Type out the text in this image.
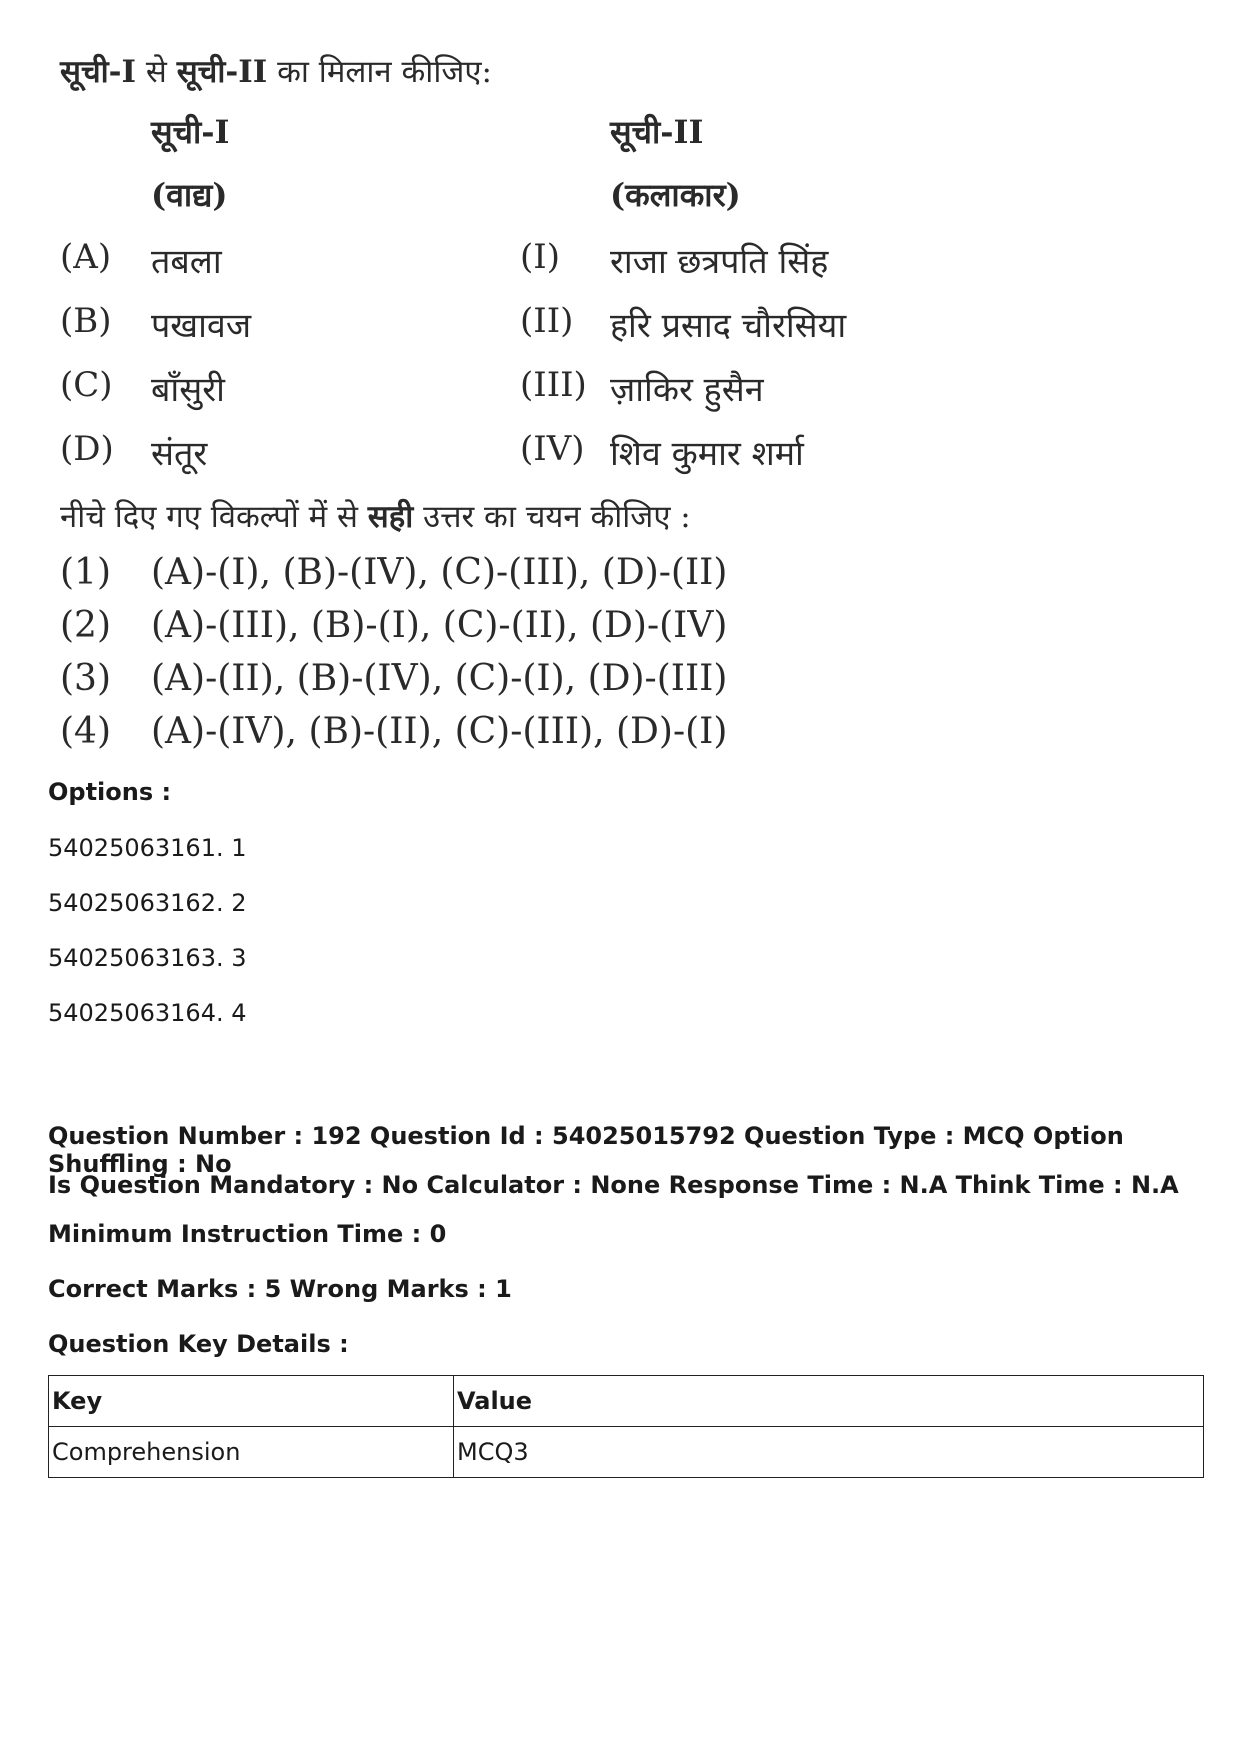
सूची-I से सूची-II का मिलान कीजिए:
सूची-I
(वाद्य)
सूची-II
(कलाकार)
(A) तबला	(I) राजा छत्रपति सिंह
(B) पखावज	(II) हरि प्रसाद चौरसिया
(C) बाँसुरी	(III) ज़ाकिर हुसैन
(D) संतूर	(IV) शिव कुमार शर्मा
नीचे दिए गए विकल्पों में से सही उत्तर का चयन कीजिए :
(1) (A)-(I), (B)-(IV), (C)-(III), (D)-(II)
(2) (A)-(III), (B)-(I), (C)-(II), (D)-(IV)
(3) (A)-(II), (B)-(IV), (C)-(I), (D)-(III)
(4) (A)-(IV), (B)-(II), (C)-(III), (D)-(I)
Options :
54025063161. 1
54025063162. 2
54025063163. 3
54025063164. 4
Question Number : 192 Question Id : 54025015792 Question Type : MCQ Option Shuffling : No
Is Question Mandatory : No Calculator : None Response Time : N.A Think Time : N.A
Minimum Instruction Time : 0
Correct Marks : 5 Wrong Marks : 1
Question Key Details :
Key	Value
Comprehension	MCQ3
